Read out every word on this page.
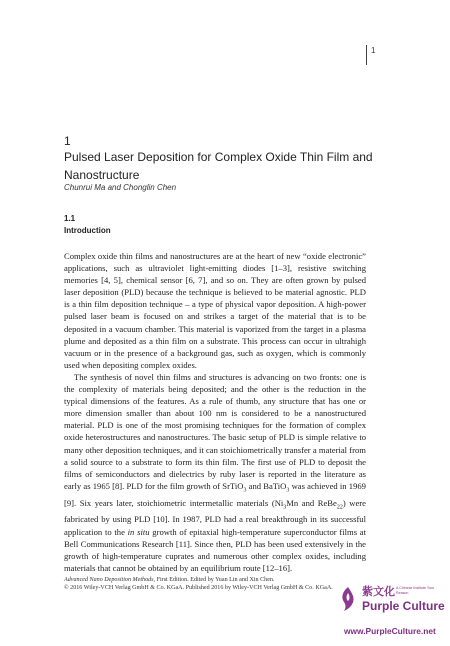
1
1
Pulsed Laser Deposition for Complex Oxide Thin Film and Nanostructure
Chunrui Ma and Chonglin Chen
1.1
Introduction

Complex oxide thin films and nanostructures are at the heart of new “oxide electronic” applications, such as ultraviolet light-emitting diodes [1–3], resistive switching memories [4, 5], chemical sensor [6, 7], and so on. They are often grown by pulsed laser deposition (PLD) because the technique is believed to be material agnostic. PLD is a thin film deposition technique – a type of physical vapor deposition. A high-power pulsed laser beam is focused on and strikes a target of the material that is to be deposited in a vacuum chamber. This material is vaporized from the target in a plasma plume and deposited as a thin film on a substrate. This process can occur in ultrahigh vacuum or in the presence of a background gas, such as oxygen, which is commonly used when depositing complex oxides.

The synthesis of novel thin films and structures is advancing on two fronts: one is the complexity of materials being deposited; and the other is the reduction in the typical dimensions of the features. As a rule of thumb, any structure that has one or more dimension smaller than about 100 nm is considered to be a nanostructured material. PLD is one of the most promising techniques for the formation of complex oxide heterostructures and nanostructures. The basic setup of PLD is simple relative to many other deposition techniques, and it can stoichiometrically transfer a material from a solid source to a substrate to form its thin film. The first use of PLD to deposit the films of semiconductors and dielectrics by ruby laser is reported in the literature as early as 1965 [8]. PLD for the film growth of SrTiO$_3$ and BaTiO$_3$ was achieved in 1969 [9]. Six years later, stoichiometric intermetallic materials ($Ni_3Mn$ and ReBe$_{22}$) were fabricated by using PLD [10]. In 1987, PLD had a real breakthrough in its successful application to the in situ growth of epitaxial high-temperature superconductor films at Bell Communications Research [11]. Since then, PLD has been used extensively in the growth of high-temperature cuprates and numerous other complex oxides, including materials that cannot be obtained by an equilibrium route [12–16].

Advanced Nano Deposition Methods, First Edition. Edited by Yuan Lin and Xin Chen.
© 2016 Wiley-VCH Verlag GmbH & Co. KGaA. Published 2016 by Wiley-VCH Verlag GmbH & Co. KGaA.	紫文化 A Chinese Institute Your Reason
Purple Culture
www.PurpleCulture.net
